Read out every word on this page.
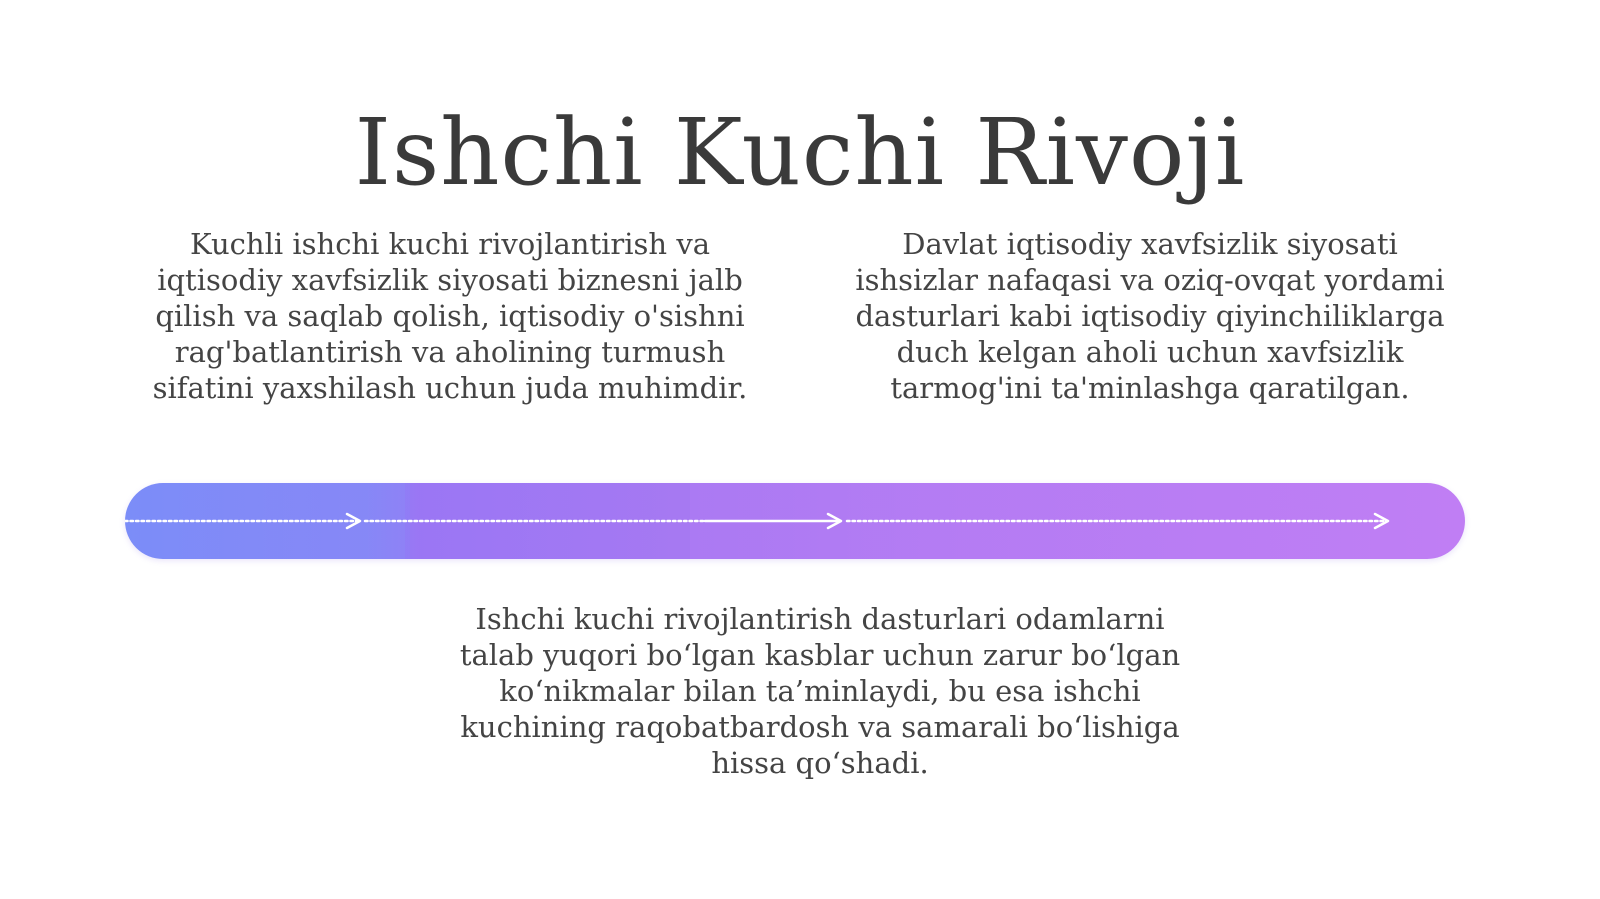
Ishchi Kuchi Rivoji
Kuchli ishchi kuchi rivojlantirish va iqtisodiy xavfsizlik siyosati biznesni jalb qilish va saqlab qolish, iqtisodiy o'sishni rag'batlantirish va aholining turmush sifatini yaxshilash uchun juda muhimdir.
Davlat iqtisodiy xavfsizlik siyosati ishsizlar nafaqasi va oziq-ovqat yordami dasturlari kabi iqtisodiy qiyinchiliklarga duch kelgan aholi uchun xavfsizlik tarmog'ini ta'minlashga qaratilgan.
Ishchi kuchi rivojlantirish dasturlari odamlarni talab yuqori bo‘lgan kasblar uchun zarur bo‘lgan ko‘nikmalar bilan ta’minlaydi, bu esa ishchi kuchining raqobatbardosh va samarali bo‘lishiga hissa qo‘shadi.
